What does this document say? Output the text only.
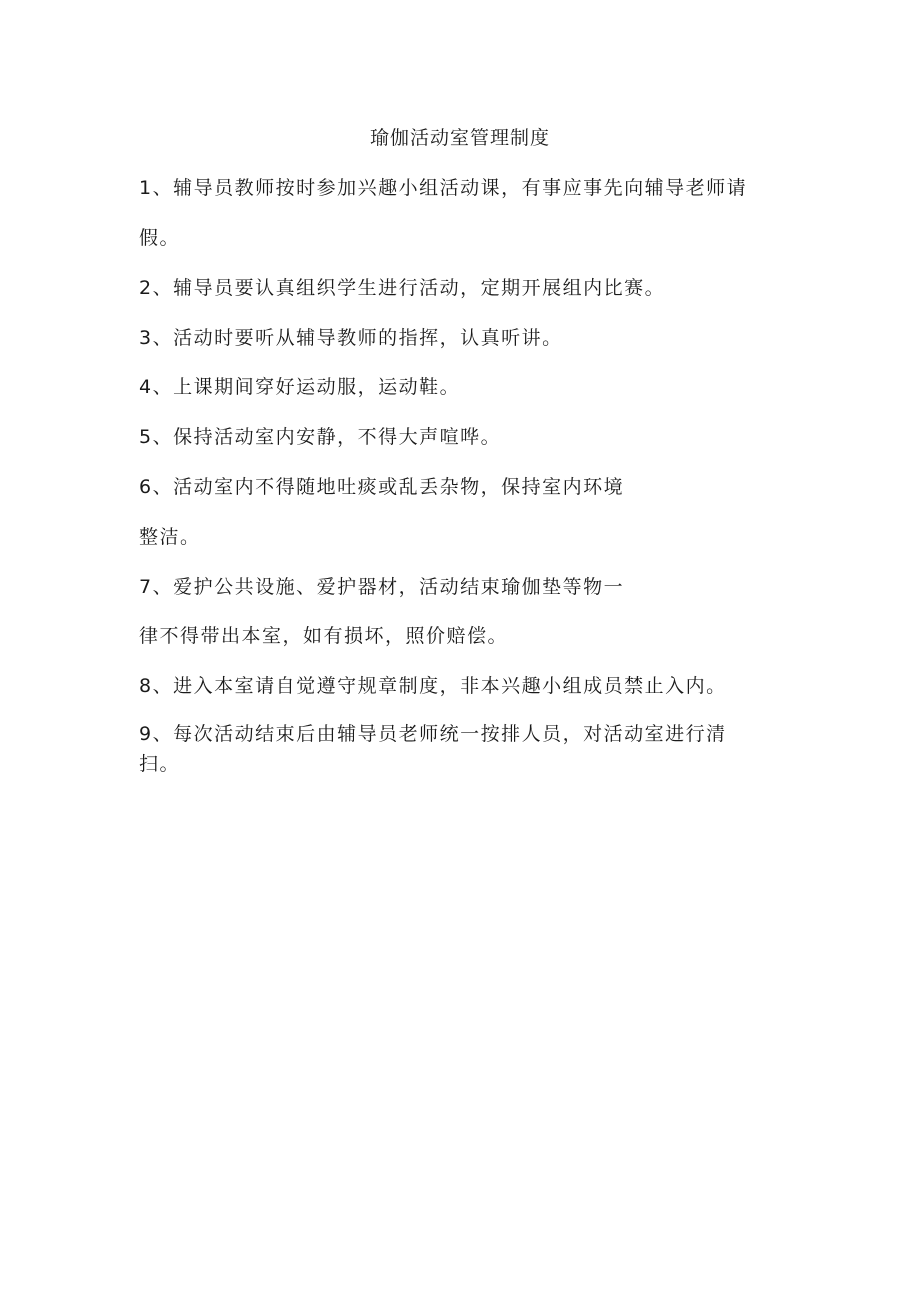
瑜伽活动室管理制度
1、辅导员教师按时参加兴趣小组活动课，有事应事先向辅导老师请
假。
2、辅导员要认真组织学生进行活动，定期开展组内比赛。
3、活动时要听从辅导教师的指挥，认真听讲。
4、上课期间穿好运动服，运动鞋。
5、保持活动室内安静，不得大声喧哗。
6、活动室内不得随地吐痰或乱丢杂物，保持室内环境
整洁。
7、爱护公共设施、爱护器材，活动结束瑜伽垫等物一
律不得带出本室，如有损坏，照价赔偿。
8、进入本室请自觉遵守规章制度，非本兴趣小组成员禁止入内。
9、每次活动结束后由辅导员老师统一按排人员，对活动室进行清
扫。
